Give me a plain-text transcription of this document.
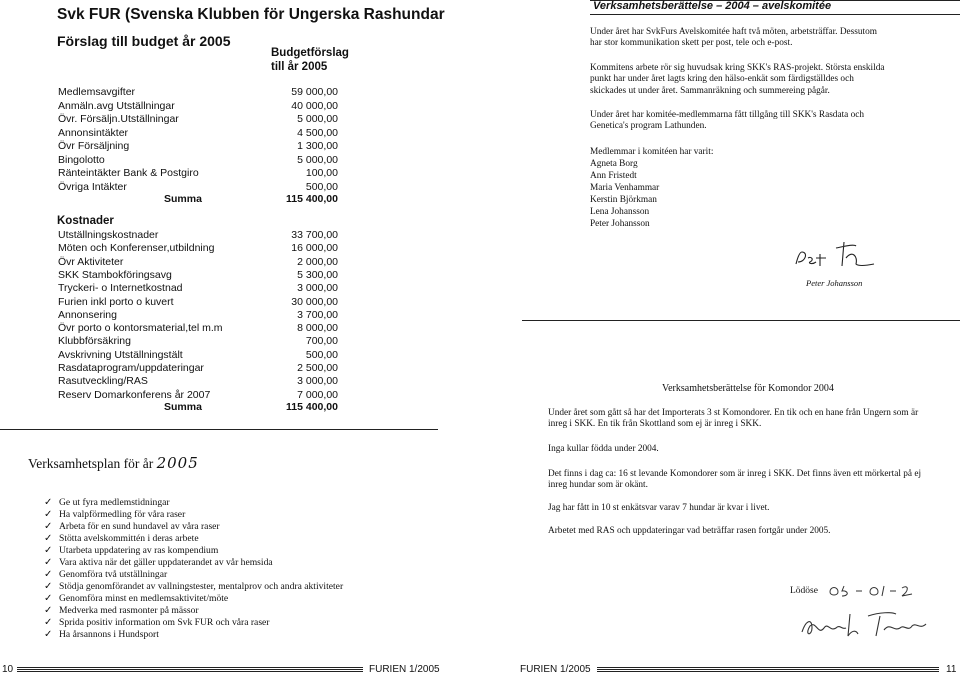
Svk FUR (Svenska Klubben för Ungerska Rashundar
Förslag till budget år 2005
Budgetförslag
till år 2005
Medlemsavgifter	59 000,00
Anmäln.avg Utställningar	40 000,00
Övr. Försäljn.Utställningar	5 000,00
Annonsintäkter	4 500,00
Övr Försäljning	1 300,00
Bingolotto	5 000,00
Ränteintäkter Bank & Postgiro	100,00
Övriga Intäkter	500,00
Summa	115 400,00
Kostnader
Utställningskostnader	33 700,00
Möten och Konferenser,utbildning	16 000,00
Övr Aktiviteter	2 000,00
SKK Stambokföringsavg	5 300,00
Tryckeri- o Internetkostnad	3 000,00
Furien inkl porto o kuvert	30 000,00
Annonsering	3 700,00
Övr porto o kontorsmaterial,tel m.m	8 000,00
Klubbförsäkring	700,00
Avskrivning Utställningstält	500,00
Rasdataprogram/uppdateringar	2 500,00
Rasutveckling/RAS	3 000,00
Reserv Domarkonferens år 2007	7 000,00
Summa	115 400,00
Verksamhetsplan för år 2005
✓ Ge ut fyra medlemstidningar
✓ Ha valpförmedling för våra raser
✓ Arbeta för en sund hundavel av våra raser
✓ Stötta avelskommittén i deras arbete
✓ Utarbeta uppdatering av ras kompendium
✓ Vara aktiva när det gäller uppdaterandet av vår hemsida
✓ Genomföra två utställningar
✓ Stödja genomförandet av vallningstester, mentalprov och andra aktiviteter
✓ Genomföra minst en medlemsaktivitet/möte
✓ Medverka med rasmonter på mässor
✓ Sprida positiv information om Svk FUR och våra raser
✓ Ha årsannons i Hundsport
Verksamhetsberättelse – 2004 – avelskomitée
Under året har SvkFurs Avelskomitée haft två möten, arbetsträffar. Dessutom har stor kommunikation skett per post, tele och e-post.
Kommitens arbete rör sig huvudsak kring SKK's RAS-projekt. Största enskilda punkt har under året lagts kring den hälso-enkät som färdigställdes och skickades ut under året. Sammanräkning och summereing pågår.
Under året har komitée-medlemmarna fått tillgång till SKK's Rasdata och Genetica's program Lathunden.
Medlemmar i komitéen har varit:
Agneta Borg
Ann Fristedt
Maria Venhammar
Kerstin Björkman
Lena Johansson
Peter Johansson
Peter Johansson
Verksamhetsberättelse för Komondor 2004
Under året som gått så har det Importerats 3 st Komondorer. En tik och en hane från Ungern som är inreg i SKK. En tik från Skottland som ej är inreg i SKK.
Inga kullar födda under 2004.
Det finns i dag ca: 16 st levande Komondorer som är inreg i SKK. Det finns även ett mörkertal på ej inreg hundar som är okänt.
Jag har fått in 10 st enkätsvar varav 7 hundar är kvar i livet.
Arbetet med RAS och uppdateringar vad beträffar rasen fortgår under 2005.
Lödöse
10	FURIEN 1/2005	FURIEN 1/2005	11
